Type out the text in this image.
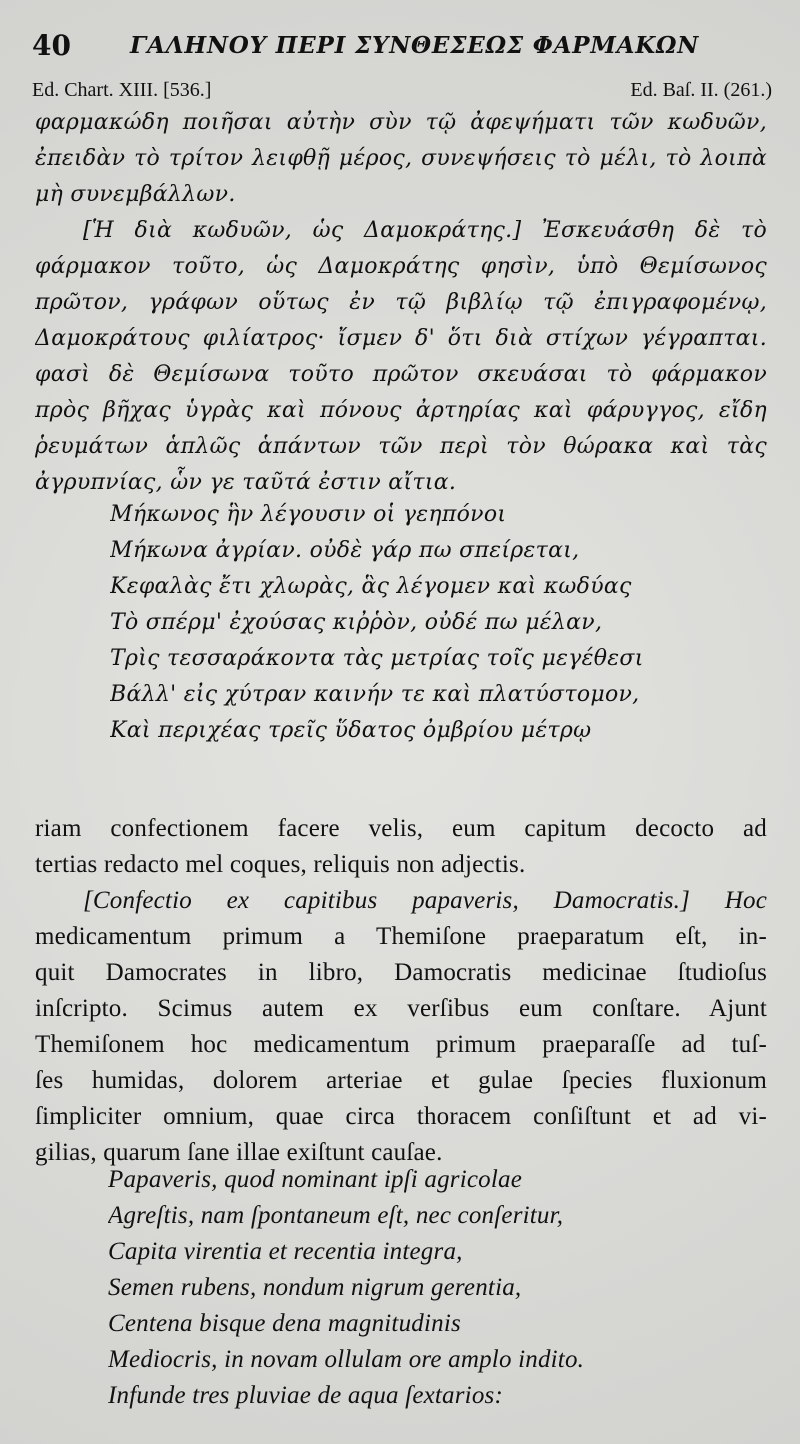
40	ΓΑΛΗΝΟΥ ΠΕΡΙ ΣΥΝΘΕΣΕΩΣ ΦΑΡΜΑΚΩΝ
Ed. Chart. XIII. [536.]	Ed. Baſ. II. (261.)
φαρμακώδη ποιῆσαι αὐτὴν σὺν τῷ ἀφεψήματι τῶν κωδυῶν,
ἐπειδὰν τὸ τρίτον λειφθῇ μέρος, συνεψήσεις τὸ μέλι, τὸ λοιπὰ
μὴ συνεμβάλλων.
[Ἡ διὰ κωδυῶν, ὡς Δαμοκράτης.] Ἐσκευάσθη δὲ τὸ
φάρμακον τοῦτο, ὡς Δαμοκράτης φησὶν, ὑπὸ Θεμίσωνος
πρῶτον, γράφων οὕτως ἐν τῷ βιβλίῳ τῷ ἐπιγραφομένῳ,
Δαμοκράτους φιλίατρος· ἴσμεν δ' ὅτι διὰ στίχων γέγραπται.
φασὶ δὲ Θεμίσωνα τοῦτο πρῶτον σκευάσαι τὸ φάρμακον
πρὸς βῆχας ὑγρὰς καὶ πόνους ἀρτηρίας καὶ φάρυγγος, εἴδη
ῥευμάτων ἁπλῶς ἁπάντων τῶν περὶ τὸν θώρακα καὶ τὰς
ἀγρυπνίας, ὧν γε ταῦτά ἐστιν αἴτια.
Μήκωνος ἣν λέγουσιν οἱ γεηπόνοι
Μήκωνα ἀγρίαν. οὐδὲ γάρ πω σπείρεται,
Κεφαλὰς ἔτι χλωρὰς, ἃς λέγομεν καὶ κωδύας
Τὸ σπέρμ' ἐχούσας κιῤῥὸν, οὐδέ πω μέλαν,
Τρὶς τεσσαράκοντα τὰς μετρίας τοῖς μεγέθεσι
Βάλλ' εἰς χύτραν καινήν τε καὶ πλατύστομον,
Καὶ περιχέας τρεῖς ὕδατος ὀμβρίου μέτρῳ
riam confectionem facere velis, eum capitum decocto ad
tertias redacto mel coques, reliquis non adjectis.
[Confectio ex capitibus papaveris, Damocratis.] Hoc
medicamentum primum a Themiſone praeparatum eſt, in-
quit Damocrates in libro, Damocratis medicinae ſtudioſus
inſcripto. Scimus autem ex verſibus eum conſtare. Ajunt
Themiſonem hoc medicamentum primum praeparaſſe ad tuſ-
ſes humidas, dolorem arteriae et gulae ſpecies fluxionum
ſimpliciter omnium, quae circa thoracem conſiſtunt et ad vi-
gilias, quarum ſane illae exiſtunt cauſae.
Papaveris, quod nominant ipſi agricolae
Agreſtis, nam ſpontaneum eſt, nec conſeritur,
Capita virentia et recentia integra,
Semen rubens, nondum nigrum gerentia,
Centena bisque dena magnitudinis
Mediocris, in novam ollulam ore amplo indito.
Infunde tres pluviae de aqua ſextarios:
